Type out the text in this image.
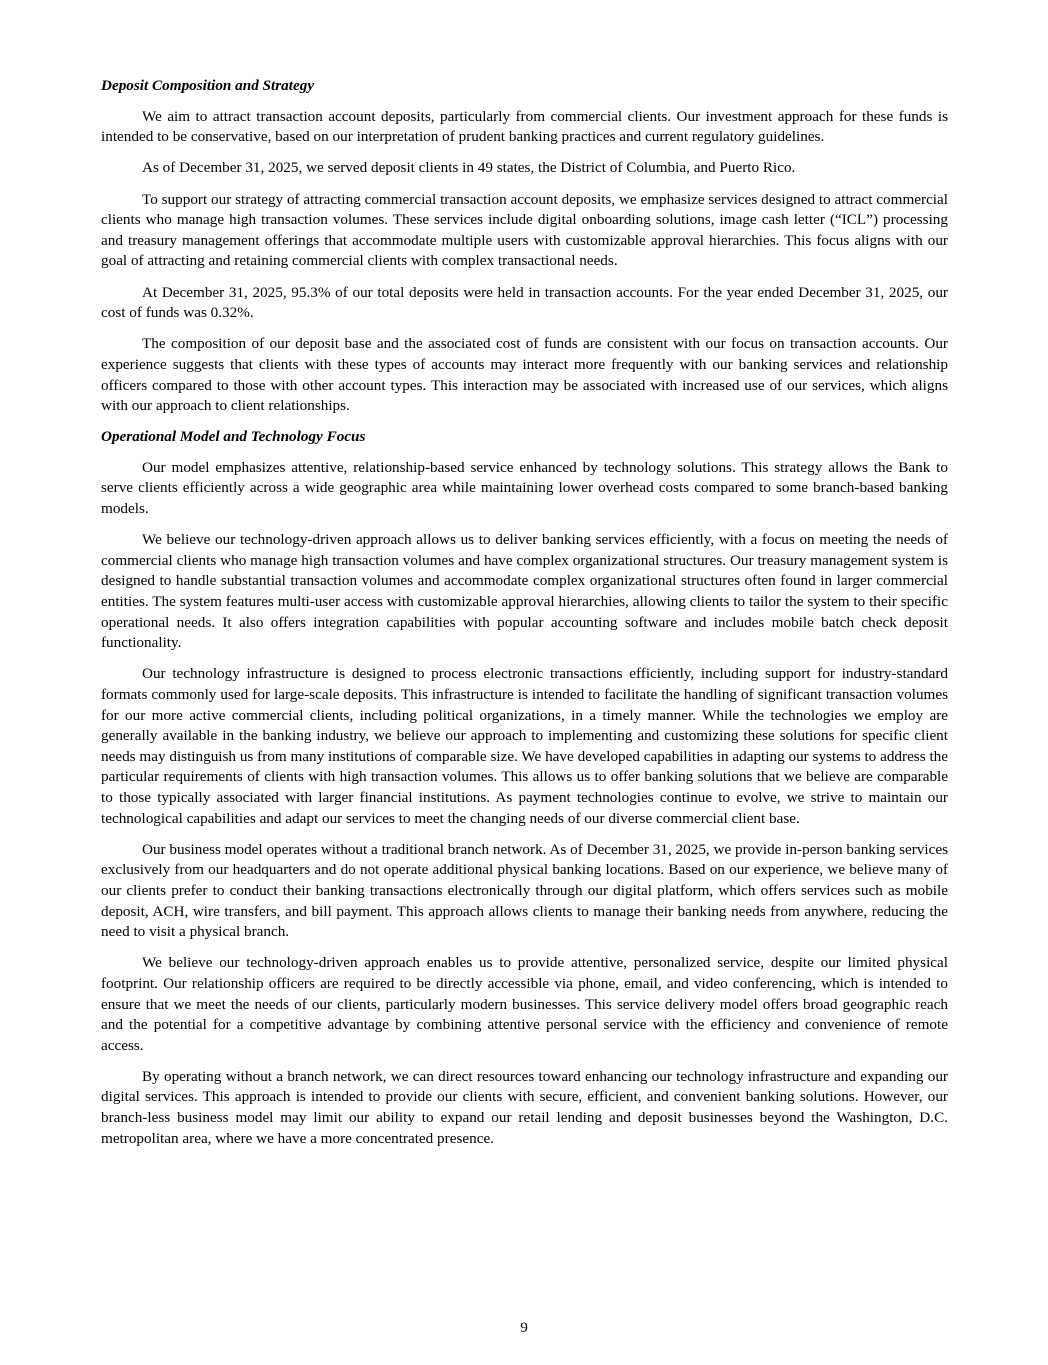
Deposit Composition and Strategy

We aim to attract transaction account deposits, particularly from commercial clients. Our investment approach for these funds is intended to be conservative, based on our interpretation of prudent banking practices and current regulatory guidelines.

As of December 31, 2025, we served deposit clients in 49 states, the District of Columbia, and Puerto Rico.

To support our strategy of attracting commercial transaction account deposits, we emphasize services designed to attract commercial clients who manage high transaction volumes. These services include digital onboarding solutions, image cash letter (“ICL”) processing and treasury management offerings that accommodate multiple users with customizable approval hierarchies. This focus aligns with our goal of attracting and retaining commercial clients with complex transactional needs.

At December 31, 2025, 95.3% of our total deposits were held in transaction accounts. For the year ended December 31, 2025, our cost of funds was 0.32%.

The composition of our deposit base and the associated cost of funds are consistent with our focus on transaction accounts. Our experience suggests that clients with these types of accounts may interact more frequently with our banking services and relationship officers compared to those with other account types. This interaction may be associated with increased use of our services, which aligns with our approach to client relationships.

Operational Model and Technology Focus

Our model emphasizes attentive, relationship-based service enhanced by technology solutions. This strategy allows the Bank to serve clients efficiently across a wide geographic area while maintaining lower overhead costs compared to some branch-based banking models.

We believe our technology-driven approach allows us to deliver banking services efficiently, with a focus on meeting the needs of commercial clients who manage high transaction volumes and have complex organizational structures. Our treasury management system is designed to handle substantial transaction volumes and accommodate complex organizational structures often found in larger commercial entities. The system features multi-user access with customizable approval hierarchies, allowing clients to tailor the system to their specific operational needs. It also offers integration capabilities with popular accounting software and includes mobile batch check deposit functionality.

Our technology infrastructure is designed to process electronic transactions efficiently, including support for industry-standard formats commonly used for large-scale deposits. This infrastructure is intended to facilitate the handling of significant transaction volumes for our more active commercial clients, including political organizations, in a timely manner. While the technologies we employ are generally available in the banking industry, we believe our approach to implementing and customizing these solutions for specific client needs may distinguish us from many institutions of comparable size. We have developed capabilities in adapting our systems to address the particular requirements of clients with high transaction volumes. This allows us to offer banking solutions that we believe are comparable to those typically associated with larger financial institutions. As payment technologies continue to evolve, we strive to maintain our technological capabilities and adapt our services to meet the changing needs of our diverse commercial client base.

Our business model operates without a traditional branch network. As of December 31, 2025, we provide in-person banking services exclusively from our headquarters and do not operate additional physical banking locations. Based on our experience, we believe many of our clients prefer to conduct their banking transactions electronically through our digital platform, which offers services such as mobile deposit, ACH, wire transfers, and bill payment. This approach allows clients to manage their banking needs from anywhere, reducing the need to visit a physical branch.

We believe our technology-driven approach enables us to provide attentive, personalized service, despite our limited physical footprint. Our relationship officers are required to be directly accessible via phone, email, and video conferencing, which is intended to ensure that we meet the needs of our clients, particularly modern businesses. This service delivery model offers broad geographic reach and the potential for a competitive advantage by combining attentive personal service with the efficiency and convenience of remote access.

By operating without a branch network, we can direct resources toward enhancing our technology infrastructure and expanding our digital services. This approach is intended to provide our clients with secure, efficient, and convenient banking solutions. However, our branch-less business model may limit our ability to expand our retail lending and deposit businesses beyond the Washington, D.C. metropolitan area, where we have a more concentrated presence.

9
